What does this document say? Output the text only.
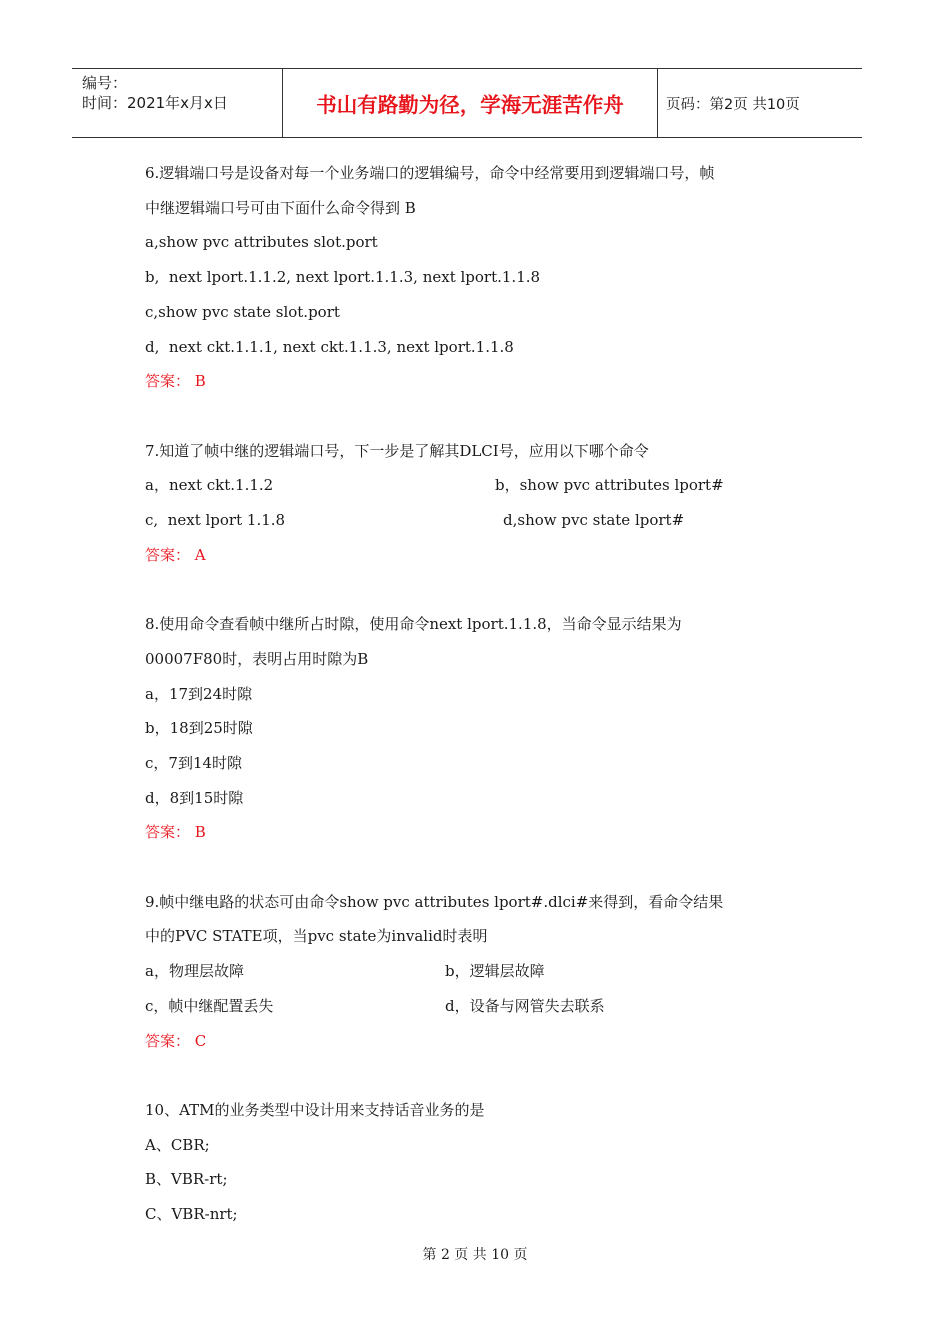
编号：
时间：2021年x月x日	书山有路勤为径，学海无涯苦作舟	页码：第2页 共10页
6.逻辑端口号是设备对每一个业务端口的逻辑编号，命令中经常要用到逻辑端口号，帧
中继逻辑端口号可由下面什么命令得到 B
a,show pvc attributes slot.port
b,  next lport.1.1.2, next lport.1.1.3, next lport.1.1.8
c,show pvc state slot.port
d,  next ckt.1.1.1, next ckt.1.1.3, next lport.1.1.8
答案： B
7.知道了帧中继的逻辑端口号，下一步是了解其DLCI号，应用以下哪个命令
a，next ckt.1.1.2	b，show pvc attributes lport#
c,  next lport 1.1.8	d,show pvc state lport#
答案： A
8.使用命令查看帧中继所占时隙，使用命令next lport.1.1.8，当命令显示结果为
00007F80时，表明占用时隙为B
a，17到24时隙
b，18到25时隙
c，7到14时隙
d，8到15时隙
答案： B
9.帧中继电路的状态可由命令show pvc attributes lport#.dlci#来得到，看命令结果
中的PVC STATE项，当pvc state为invalid时表明
a，物理层故障	b，逻辑层故障
c，帧中继配置丢失	d，设备与网管失去联系
答案： C
10、ATM的业务类型中设计用来支持话音业务的是
A、CBR;
B、VBR-rt;
C、VBR-nrt;
第 2 页 共 10 页
